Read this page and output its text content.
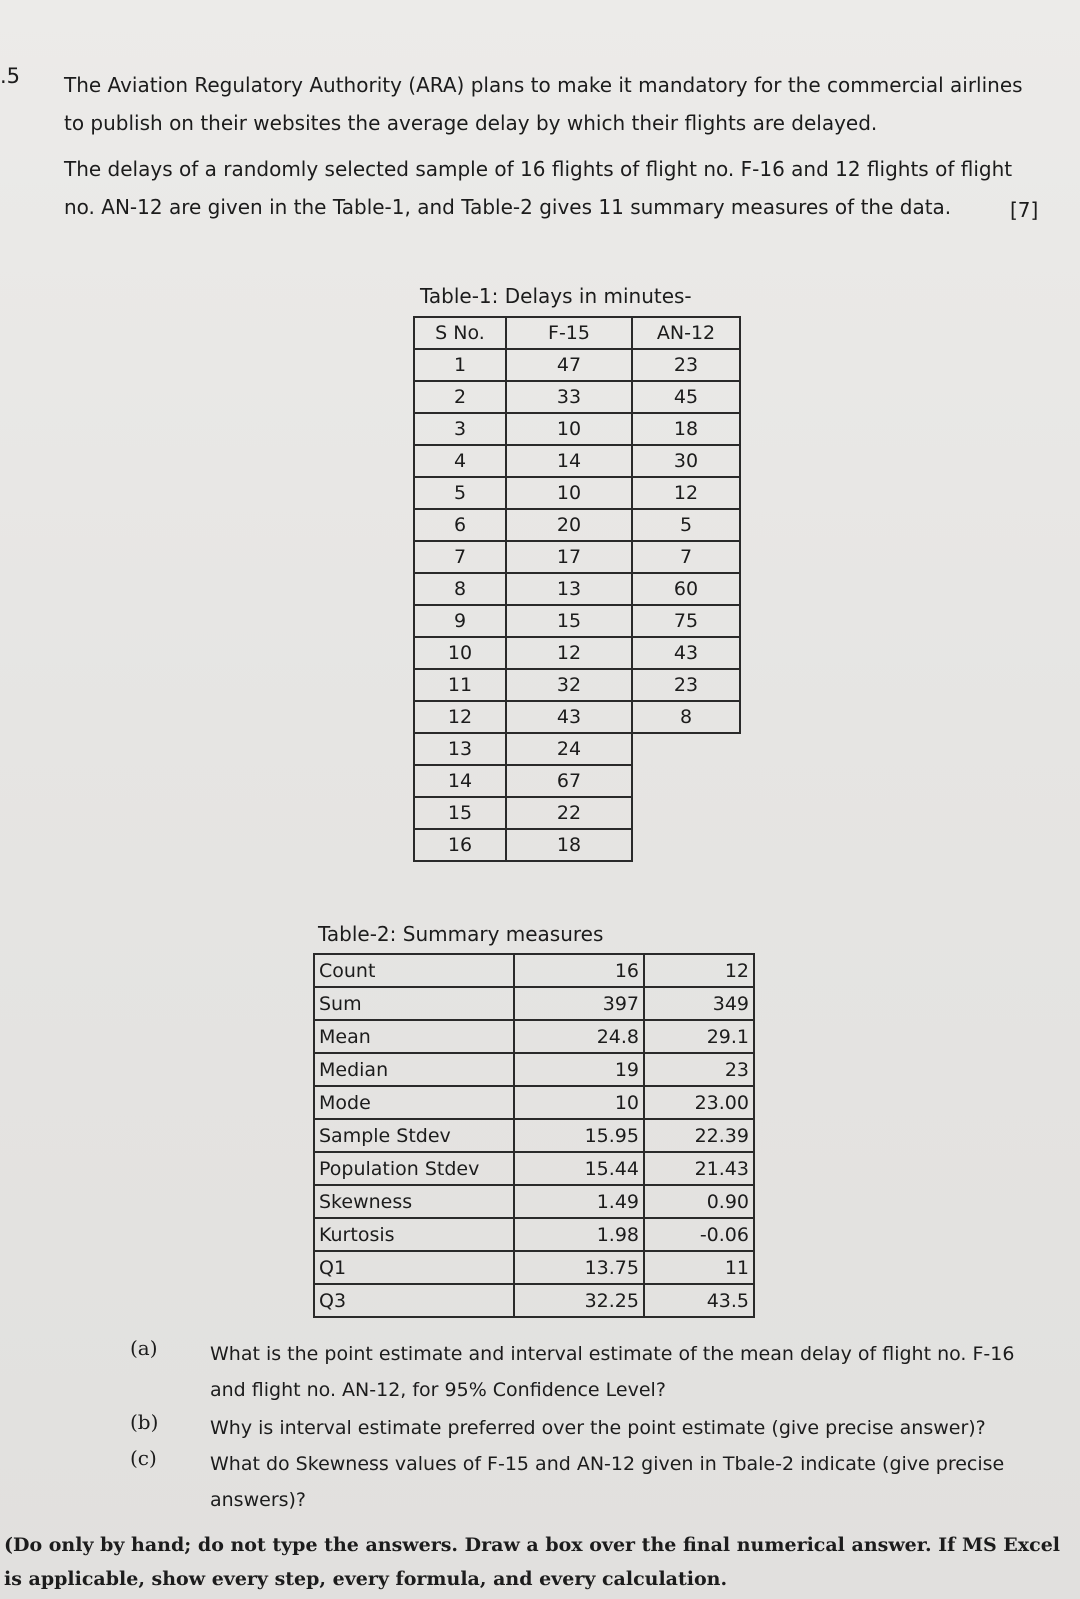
.5 The Aviation Regulatory Authority (ARA) plans to make it mandatory for the commercial airlines to publish on their websites the average delay by which their flights are delayed.
The delays of a randomly selected sample of 16 flights of flight no. F-16 and 12 flights of flight no. AN-12 are given in the Table-1, and Table-2 gives 11 summary measures of the data.	[7]
Table-1: Delays in minutes-
S No.	F-15	AN-12
1	47	23
2	33	45
3	10	18
4	14	30
5	10	12
6	20	5
7	17	7
8	13	60
9	15	75
10	12	43
11	32	23
12	43	8
13	24	
14	67	
15	22	
16	18	
Table-2: Summary measures
Count	16	12
Sum	397	349
Mean	24.8	29.1
Median	19	23
Mode	10	23.00
Sample Stdev	15.95	22.39
Population Stdev	15.44	21.43
Skewness	1.49	0.90
Kurtosis	1.98	-0.06
Q1	13.75	11
Q3	32.25	43.5
(a)	What is the point estimate and interval estimate of the mean delay of flight no. F-16 and flight no. AN-12, for 95% Confidence Level?
(b)	Why is interval estimate preferred over the point estimate (give precise answer)?
(c)	What do Skewness values of F-15 and AN-12 given in Tbale-2 indicate (give precise answers)?
(Do only by hand; do not type the answers. Draw a box over the final numerical answer. If MS Excel is applicable, show every step, every formula, and every calculation.
